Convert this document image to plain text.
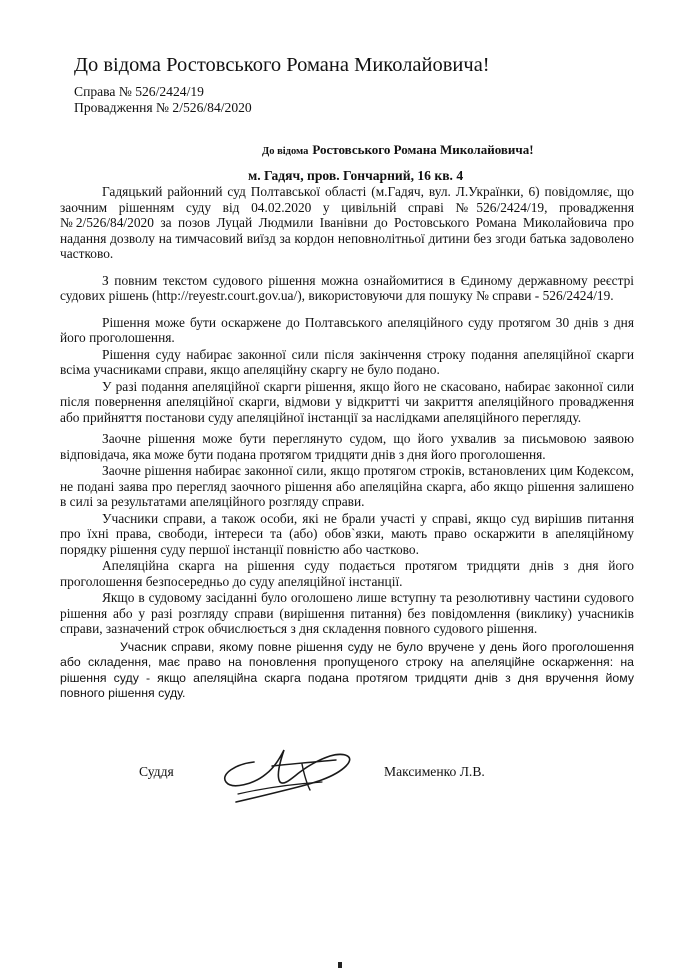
До відома Ростовського Романа Миколайовича!
Справа № 526/2424/19
Провадження № 2/526/84/2020
До відома Ростовського Романа Миколайовича!
м. Гадяч, пров. Гончарний, 16 кв. 4

Гадяцький районний суд Полтавської області (м.Гадяч, вул. Л.Українки, 6) повідомляє, що заочним рішенням суду від 04.02.2020 у цивільній справі №526/2424/19, провадження №2/526/84/2020 за позов Луцай Людмили Іванівни до Ростовського Романа Миколайовича про надання дозволу на тимчасовий виїзд за кордон неповнолітньої дитини без згоди батька задоволено частково.

З повним текстом судового рішення можна ознайомитися в Єдиному державному реєстрі судових рішень (http://reyestr.court.gov.ua/), використовуючи для пошуку № справи - 526/2424/19.

Рішення може бути оскаржене до Полтавського апеляційного суду протягом 30 днів з дня його проголошення.

Рішення суду набирає законної сили після закінчення строку подання апеляційної скарги всіма учасниками справи, якщо апеляційну скаргу не було подано.

У разі подання апеляційної скарги рішення, якщо його не скасовано, набирає законної сили після повернення апеляційної скарги, відмови у відкритті чи закриття апеляційного провадження або прийняття постанови суду апеляційної інстанції за наслідками апеляційного перегляду.

Заочне рішення може бути переглянуто судом, що його ухвалив за письмовою заявою відповідача, яка може бути подана протягом тридцяти днів з дня його проголошення.

Заочне рішення набирає законної сили, якщо протягом строків, встановлених цим Кодексом, не подані заява про перегляд заочного рішення або апеляційна скарга, або якщо рішення залишено в силі за результатами апеляційного розгляду справи.

Учасники справи, а також особи, які не брали участі у справі, якщо суд вирішив питання про їхні права, свободи, інтереси та (або) обов`язки, мають право оскаржити в апеляційному порядку рішення суду першої інстанції повністю або частково.

Апеляційна скарга на рішення суду подається протягом тридцяти днів з дня його проголошення безпосередньо до суду апеляційної інстанції.

Якщо в судовому засіданні було оголошено лише вступну та резолютивну частини судового рішення або у разі розгляду справи (вирішення питання) без повідомлення (виклику) учасників справи, зазначений строк обчислюється з дня складення повного судового рішення.

Учасник справи, якому повне рішення суду не було вручене у день його проголошення або складення, має право на поновлення пропущеного строку на апеляційне оскарження: на рішення суду - якщо апеляційна скарга подана протягом тридцяти днів з дня вручення йому повного рішення суду.

Суддя	Максименко Л.В.
